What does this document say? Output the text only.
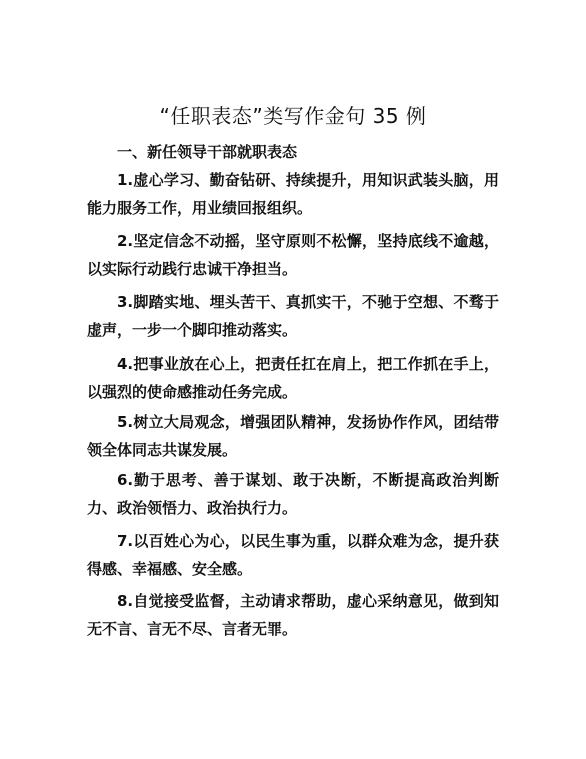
“任职表态”类写作金句 35 例
一、新任领导干部就职表态

1.虚心学习、勤奋钻研、持续提升，用知识武装头脑，用能力服务工作，用业绩回报组织。

2.坚定信念不动摇，坚守原则不松懈，坚持底线不逾越，以实际行动践行忠诚干净担当。

3.脚踏实地、埋头苦干、真抓实干，不驰于空想、不骛于虚声，一步一个脚印推动落实。

4.把事业放在心上，把责任扛在肩上，把工作抓在手上，以强烈的使命感推动任务完成。

5.树立大局观念，增强团队精神，发扬协作作风，团结带领全体同志共谋发展。

6.勤于思考、善于谋划、敢于决断，不断提高政治判断力、政治领悟力、政治执行力。

7.以百姓心为心，以民生事为重，以群众难为念，提升获得感、幸福感、安全感。

8.自觉接受监督，主动请求帮助，虚心采纳意见，做到知无不言、言无不尽、言者无罪。
